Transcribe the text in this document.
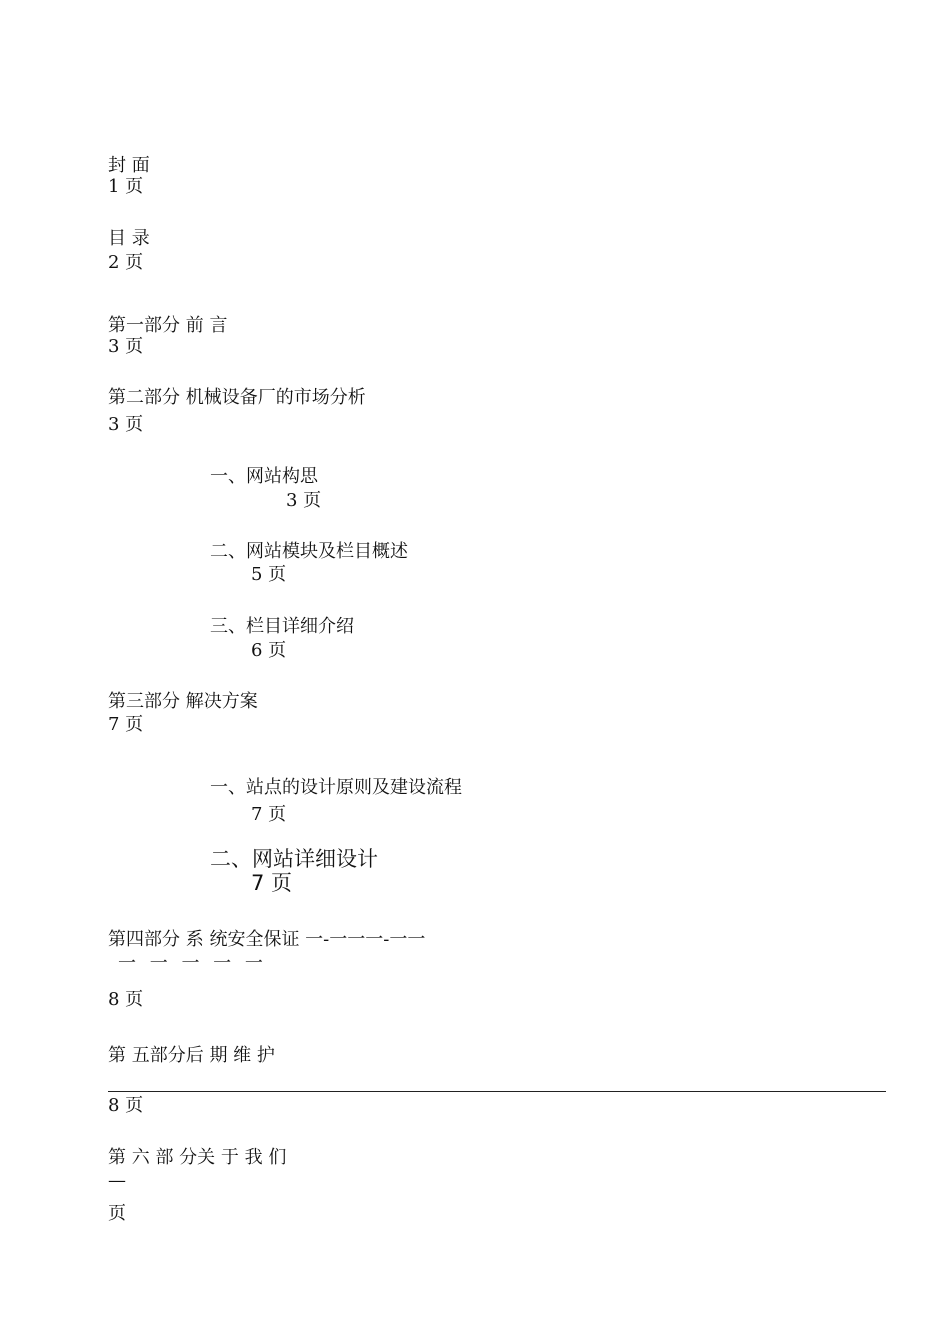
封 面
1 页
目 录
2 页
第一部分 前 言
3 页
第二部分 机械设备厂的市场分析
3 页
一、网站构思
3 页
二、网站模块及栏目概述
5 页
三、栏目详细介绍
6 页
第三部分 解决方案
7 页
一、站点的设计原则及建设流程
7 页
二、网站详细设计
7 页
第四部分 系 统安全保证 一-一一一-一一
一 一 一 一 一
8 页
第 五部分后 期 维 护
8 页
第 六 部 分关 于 我 们
—
页
